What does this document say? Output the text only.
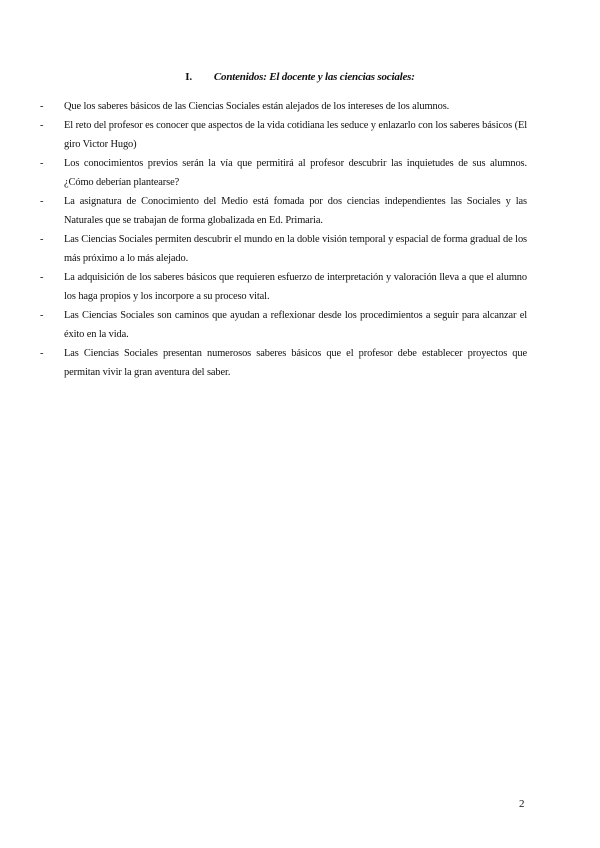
I. Contenidos: El docente y las ciencias sociales:
- Que los saberes básicos de las Ciencias Sociales están alejados de los intereses de los alumnos.
- El reto del profesor es conocer que aspectos de la vida cotidiana les seduce y enlazarlo con los saberes básicos (El giro Victor Hugo)
- Los conocimientos previos serán la vía que permitirá al profesor descubrir las inquietudes de sus alumnos. ¿Cómo deberían plantearse?
- La asignatura de Conocimiento del Medio está fomada por dos ciencias independientes las Sociales y las Naturales que se trabajan de forma globalizada en Ed. Primaria.
- Las Ciencias Sociales permiten descubrir el mundo en la doble visión temporal y espacial de forma gradual de los más próximo a lo más alejado.
- La adquisición de los saberes básicos que requieren esfuerzo de interpretación y valoración lleva a que el alumno los haga propios y los incorpore a su proceso vital.
- Las Ciencias Sociales son caminos que ayudan a reflexionar desde los procedimientos a seguir para alcanzar el éxito en la vida.
- Las Ciencias Sociales presentan numerosos saberes básicos que el profesor debe establecer proyectos que permitan vivir la gran aventura del saber.
2
